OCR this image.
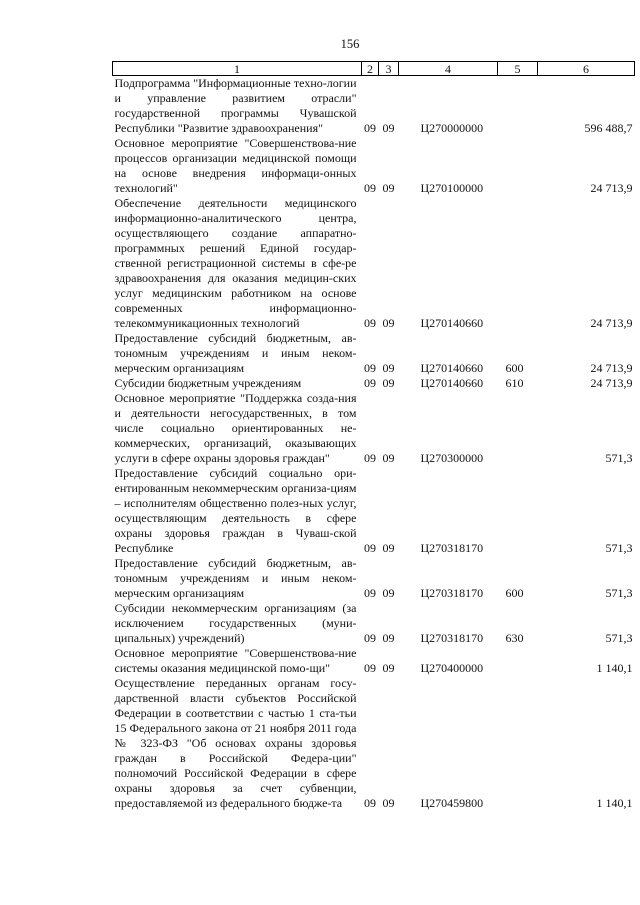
156
1	2	3	4	5	6
Подпрограмма "Информационные техно-логии и управление развитием отрасли" государственной программы Чувашской Республики "Развитие здравоохранения"	09	09	Ц270000000		596 488,7
Основное мероприятие "Совершенствова-ние процессов организации медицинской помощи на основе внедрения информаци-онных технологий"	09	09	Ц270100000		24 713,9
Обеспечение деятельности медицинского информационно-аналитического центра, осуществляющего создание аппаратно-программных решений Единой государ-ственной регистрационной системы в сфе-ре здравоохранения для оказания медицин-ских услуг медицинским работником на основе современных информационно-телекоммуникационных технологий	09	09	Ц270140660		24 713,9
Предоставление субсидий бюджетным, ав-тономным учреждениям и иным неком-мерческим организациям	09	09	Ц270140660	600	24 713,9
Субсидии бюджетным учреждениям	09	09	Ц270140660	610	24 713,9
Основное мероприятие "Поддержка созда-ния и деятельности негосударственных, в том числе социально ориентированных не-коммерческих, организаций, оказывающих услуги в сфере охраны здоровья граждан"	09	09	Ц270300000		571,3
Предоставление субсидий социально ори-ентированным некоммерческим организа-циям – исполнителям общественно полез-ных услуг, осуществляющим деятельность в сфере охраны здоровья граждан в Чуваш-ской Республике	09	09	Ц270318170		571,3
Предоставление субсидий бюджетным, ав-тономным учреждениям и иным неком-мерческим организациям	09	09	Ц270318170	600	571,3
Субсидии некоммерческим организациям (за исключением государственных (муни-ципальных) учреждений)	09	09	Ц270318170	630	571,3
Основное мероприятие "Совершенствова-ние системы оказания медицинской помо-щи"	09	09	Ц270400000		1 140,1
Осуществление переданных органам госу-дарственной власти субъектов Российской Федерации в соответствии с частью 1 ста-тьи 15 Федерального закона от 21 ноября 2011 года № 323-ФЗ "Об основах охраны здоровья граждан в Российской Федера-ции" полномочий Российской Федерации в сфере охраны здоровья за счет субвенции, предоставляемой из федерального бюдже-та	09	09	Ц270459800		1 140,1
